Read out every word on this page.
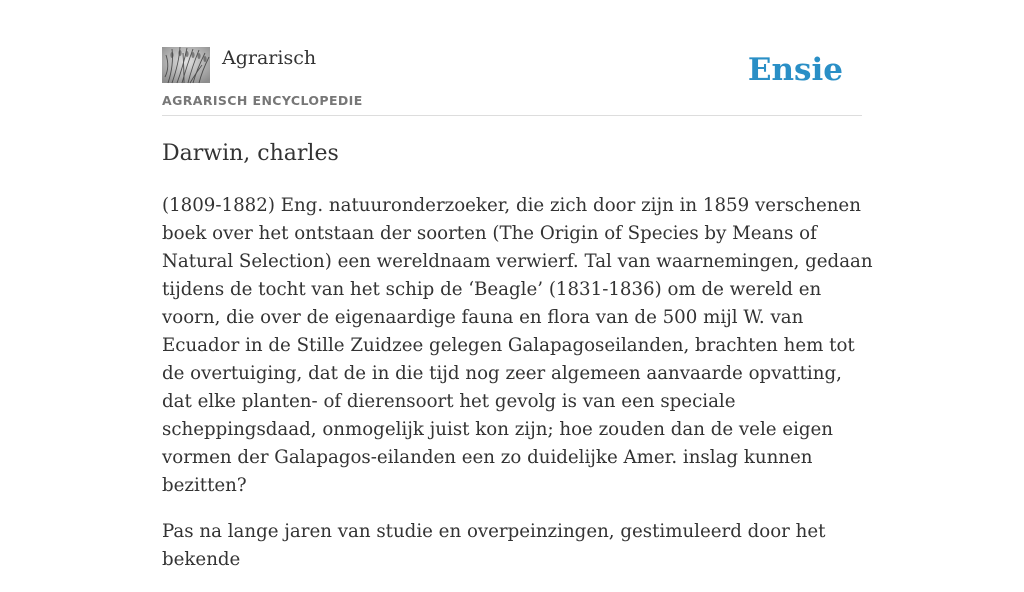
Agrarisch
AGRARISCH ENCYCLOPEDIE
Ensie
Darwin, charles

(1809-1882) Eng. natuuronderzoeker, die zich door zijn in 1859 verschenen boek over het ontstaan der soorten (The Origin of Species by Means of Natural Selection) een wereldnaam verwierf. Tal van waarnemingen, gedaan tijdens de tocht van het schip de ‘Beagle’ (1831-1836) om de wereld en voorn, die over de eigenaardige fauna en flora van de 500 mijl W. van Ecuador in de Stille Zuidzee gelegen Galapagoseilanden, brachten hem tot de overtuiging, dat de in die tijd nog zeer algemeen aanvaarde opvatting, dat elke planten- of dierensoort het gevolg is van een speciale scheppingsdaad, onmogelijk juist kon zijn; hoe zouden dan de vele eigen vormen der Galapagos-eilanden een zo duidelijke Amer. inslag kunnen bezitten?

Pas na lange jaren van studie en overpeinzingen, gestimuleerd door het bekende
